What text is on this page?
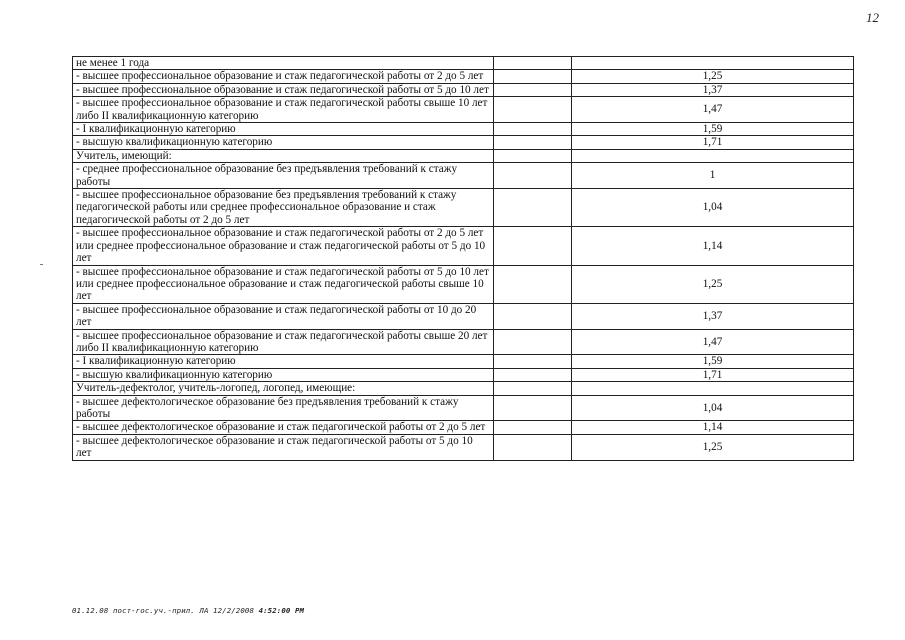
12
не менее 1 года		
- высшее профессиональное образование и стаж педагогической работы от 2 до 5 лет		1,25
- высшее профессиональное образование и стаж педагогической работы от 5 до 10 лет		1,37
- высшее профессиональное образование и стаж педагогической работы свыше 10 лет либо II квалификационную категорию		1,47
- I квалификационную категорию		1,59
- высшую квалификационную категорию		1,71
Учитель, имеющий:		
- среднее профессиональное образование без предъявления требований к стажу работы		1
- высшее профессиональное образование без предъявления требований к стажу педагогической работы или среднее профессиональное образование и стаж педагогической работы от 2 до 5 лет		1,04
- высшее профессиональное образование и стаж педагогической работы от 2 до 5 лет или среднее профессиональное образование и стаж педагогической работы от 5 до 10 лет		1,14
- высшее профессиональное образование и стаж педагогической работы от 5 до 10 лет или среднее профессиональное образование и стаж педагогической работы свыше 10 лет		1,25
- высшее профессиональное образование и стаж педагогической работы от 10 до 20 лет		1,37
- высшее профессиональное образование и стаж педагогической работы свыше 20 лет либо II квалификационную категорию		1,47
- I квалификационную категорию		1,59
- высшую квалификационную категорию		1,71
Учитель-дефектолог, учитель-логопед, логопед, имеющие:		
- высшее дефектологическое образование без предъявления требований к стажу работы		1,04
- высшее дефектологическое образование и стаж педагогической работы от 2 до 5 лет		1,14
- высшее дефектологическое образование и стаж педагогической работы от 5 до 10 лет		1,25
01.12.08 пост-гос.уч.-прил. ЛА 12/2/2008 4:52:00 PM
